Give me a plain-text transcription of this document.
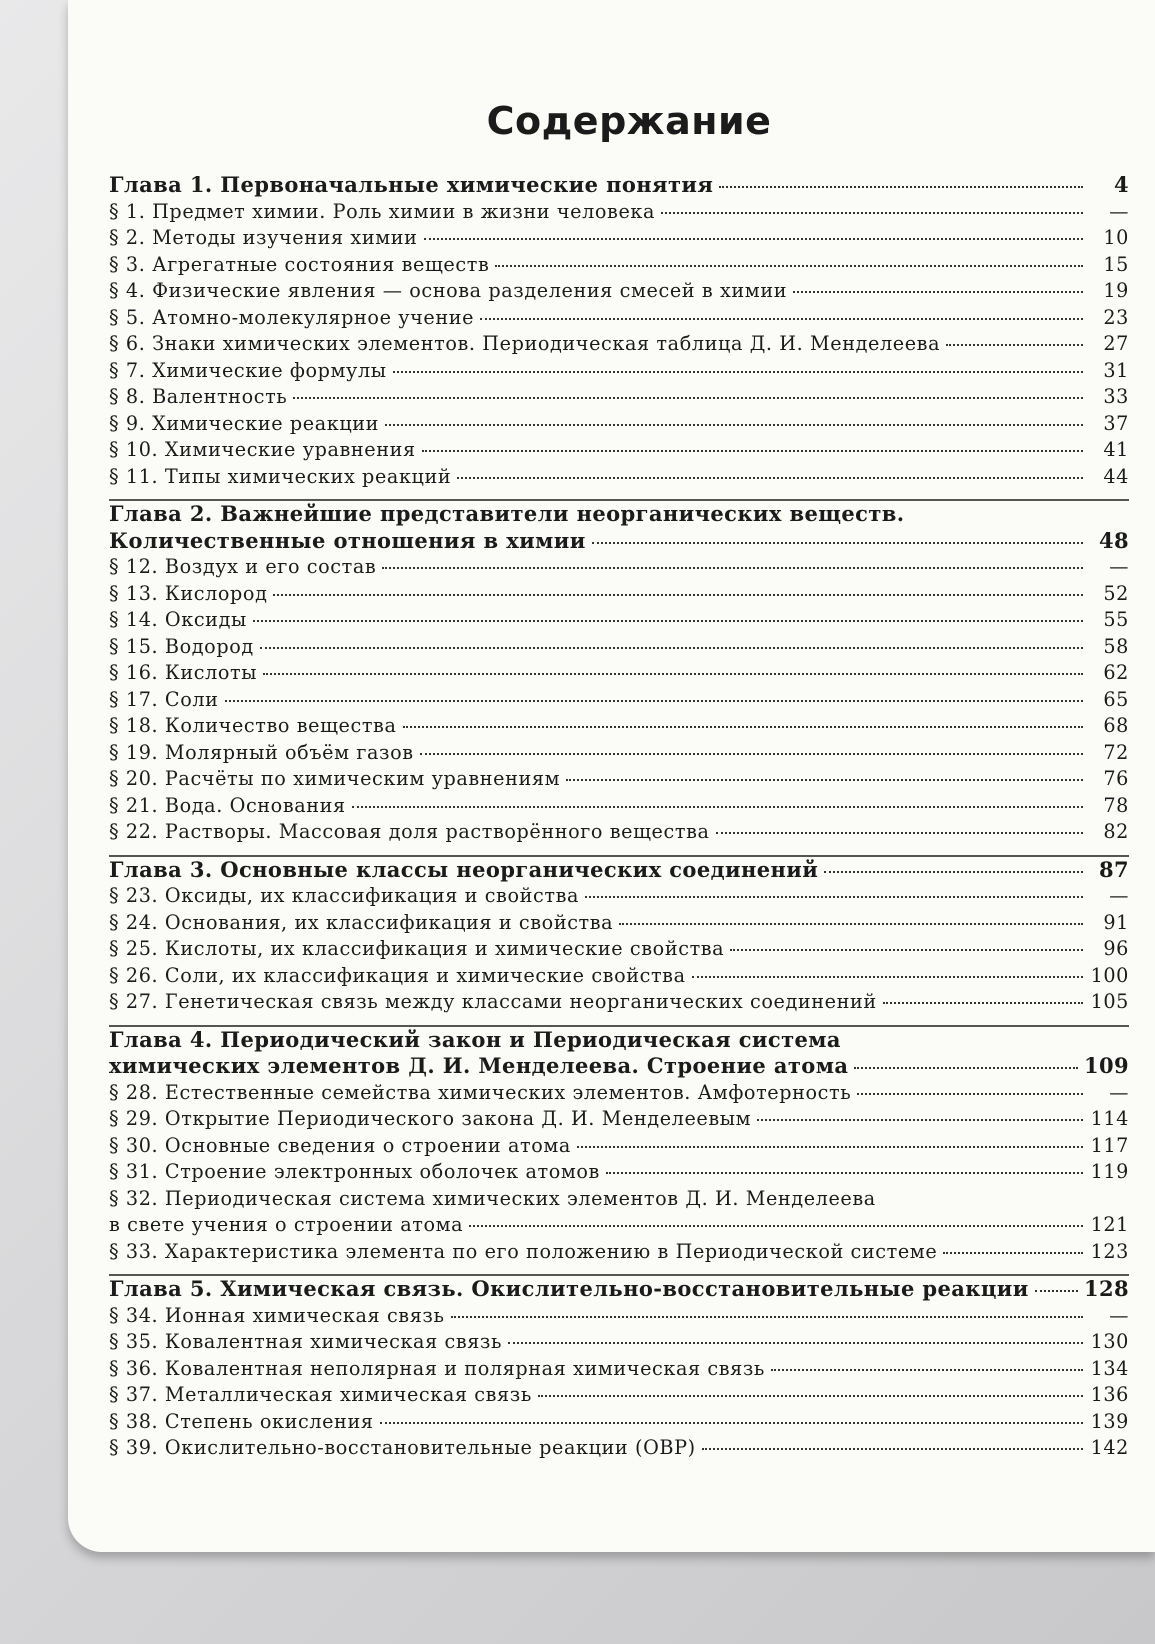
Содержание
Глава 1. Первоначальные химические понятия	4
§ 1. Предмет химии. Роль химии в жизни человека	—
§ 2. Методы изучения химии	10
§ 3. Агрегатные состояния веществ	15
§ 4. Физические явления — основа разделения смесей в химии	19
§ 5. Атомно-молекулярное учение	23
§ 6. Знаки химических элементов. Периодическая таблица Д. И. Менделеева	27
§ 7. Химические формулы	31
§ 8. Валентность	33
§ 9. Химические реакции	37
§ 10. Химические уравнения	41
§ 11. Типы химических реакций	44
Глава 2. Важнейшие представители неорганических веществ.
Количественные отношения в химии	48
§ 12. Воздух и его состав	—
§ 13. Кислород	52
§ 14. Оксиды	55
§ 15. Водород	58
§ 16. Кислоты	62
§ 17. Соли	65
§ 18. Количество вещества	68
§ 19. Молярный объём газов	72
§ 20. Расчёты по химическим уравнениям	76
§ 21. Вода. Основания	78
§ 22. Растворы. Массовая доля растворённого вещества	82
Глава 3. Основные классы неорганических соединений	87
§ 23. Оксиды, их классификация и свойства	—
§ 24. Основания, их классификация и свойства	91
§ 25. Кислоты, их классификация и химические свойства	96
§ 26. Соли, их классификация и химические свойства	100
§ 27. Генетическая связь между классами неорганических соединений	105
Глава 4. Периодический закон и Периодическая система
химических элементов Д. И. Менделеева. Строение атома	109
§ 28. Естественные семейства химических элементов. Амфотерность	—
§ 29. Открытие Периодического закона Д. И. Менделеевым	114
§ 30. Основные сведения о строении атома	117
§ 31. Строение электронных оболочек атомов	119
§ 32. Периодическая система химических элементов Д. И. Менделеева
в свете учения о строении атома	121
§ 33. Характеристика элемента по его положению в Периодической системе	123
Глава 5. Химическая связь. Окислительно-восстановительные реакции	128
§ 34. Ионная химическая связь	—
§ 35. Ковалентная химическая связь	130
§ 36. Ковалентная неполярная и полярная химическая связь	134
§ 37. Металлическая химическая связь	136
§ 38. Степень окисления	139
§ 39. Окислительно-восстановительные реакции (ОВР)	142
